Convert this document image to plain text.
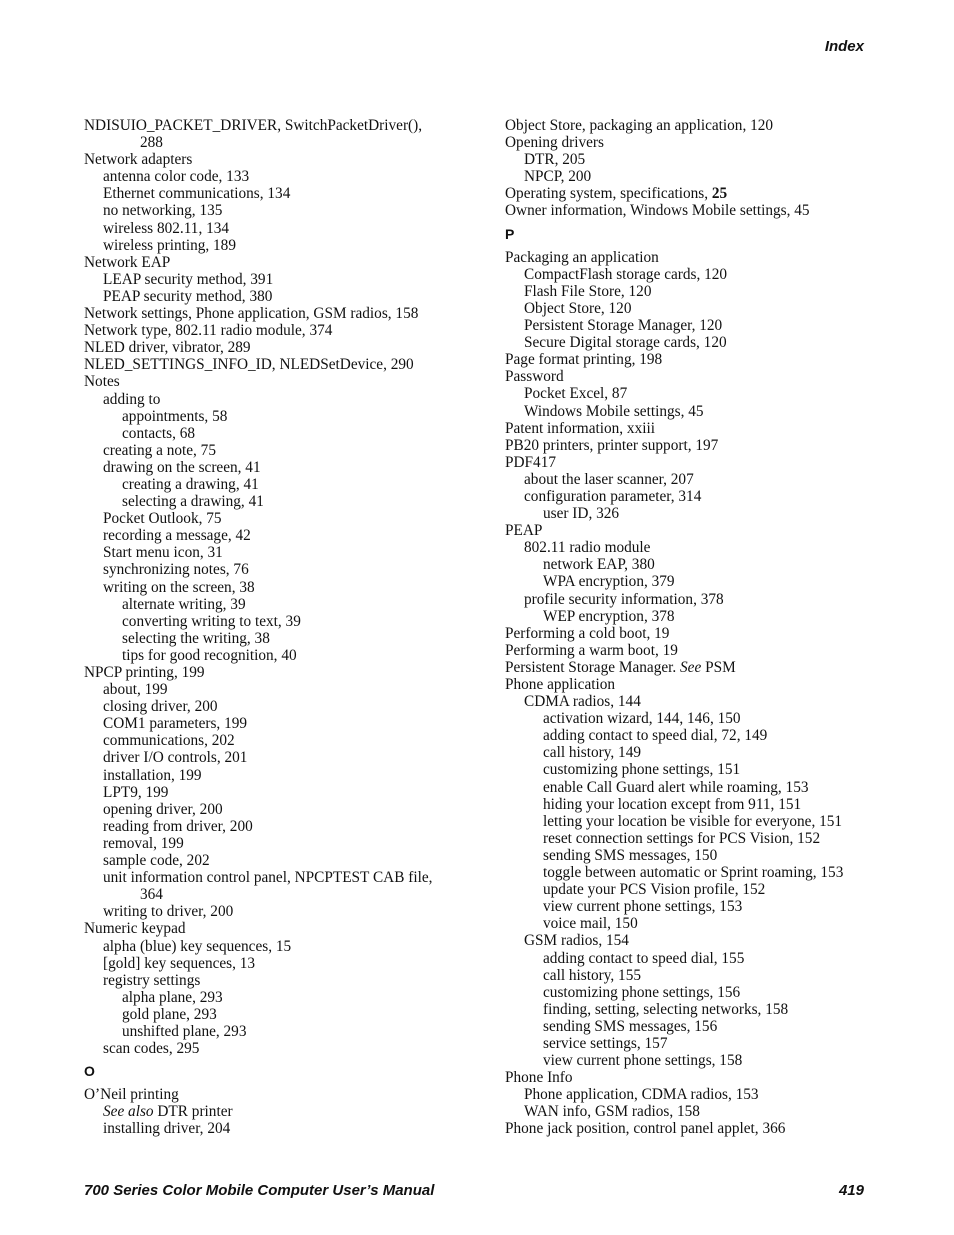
Index
NDISUIO_PACKET_DRIVER, SwitchPacketDriver(),
288
Network adapters
antenna color code, 133
Ethernet communications, 134
no networking, 135
wireless 802.11, 134
wireless printing, 189
Network EAP
LEAP security method, 391
PEAP security method, 380
Network settings, Phone application, GSM radios, 158
Network type, 802.11 radio module, 374
NLED driver, vibrator, 289
NLED_SETTINGS_INFO_ID, NLEDSetDevice, 290
Notes
adding to
appointments, 58
contacts, 68
creating a note, 75
drawing on the screen, 41
creating a drawing, 41
selecting a drawing, 41
Pocket Outlook, 75
recording a message, 42
Start menu icon, 31
synchronizing notes, 76
writing on the screen, 38
alternate writing, 39
converting writing to text, 39
selecting the writing, 38
tips for good recognition, 40
NPCP printing, 199
about, 199
closing driver, 200
COM1 parameters, 199
communications, 202
driver I/O controls, 201
installation, 199
LPT9, 199
opening driver, 200
reading from driver, 200
removal, 199
sample code, 202
unit information control panel, NPCPTEST CAB file,
364
writing to driver, 200
Numeric keypad
alpha (blue) key sequences, 15
[gold] key sequences, 13
registry settings
alpha plane, 293
gold plane, 293
unshifted plane, 293
scan codes, 295
O
O’Neil printing
See also DTR printer
installing driver, 204
Object Store, packaging an application, 120
Opening drivers
DTR, 205
NPCP, 200
Operating system, specifications, 25
Owner information, Windows Mobile settings, 45
P
Packaging an application
CompactFlash storage cards, 120
Flash File Store, 120
Object Store, 120
Persistent Storage Manager, 120
Secure Digital storage cards, 120
Page format printing, 198
Password
Pocket Excel, 87
Windows Mobile settings, 45
Patent information, xxiii
PB20 printers, printer support, 197
PDF417
about the laser scanner, 207
configuration parameter, 314
user ID, 326
PEAP
802.11 radio module
network EAP, 380
WPA encryption, 379
profile security information, 378
WEP encryption, 378
Performing a cold boot, 19
Performing a warm boot, 19
Persistent Storage Manager. See PSM
Phone application
CDMA radios, 144
activation wizard, 144, 146, 150
adding contact to speed dial, 72, 149
call history, 149
customizing phone settings, 151
enable Call Guard alert while roaming, 153
hiding your location except from 911, 151
letting your location be visible for everyone, 151
reset connection settings for PCS Vision, 152
sending SMS messages, 150
toggle between automatic or Sprint roaming, 153
update your PCS Vision profile, 152
view current phone settings, 153
voice mail, 150
GSM radios, 154
adding contact to speed dial, 155
call history, 155
customizing phone settings, 156
finding, setting, selecting networks, 158
sending SMS messages, 156
service settings, 157
view current phone settings, 158
Phone Info
Phone application, CDMA radios, 153
WAN info, GSM radios, 158
Phone jack position, control panel applet, 366
700 Series Color Mobile Computer User’s Manual	419
